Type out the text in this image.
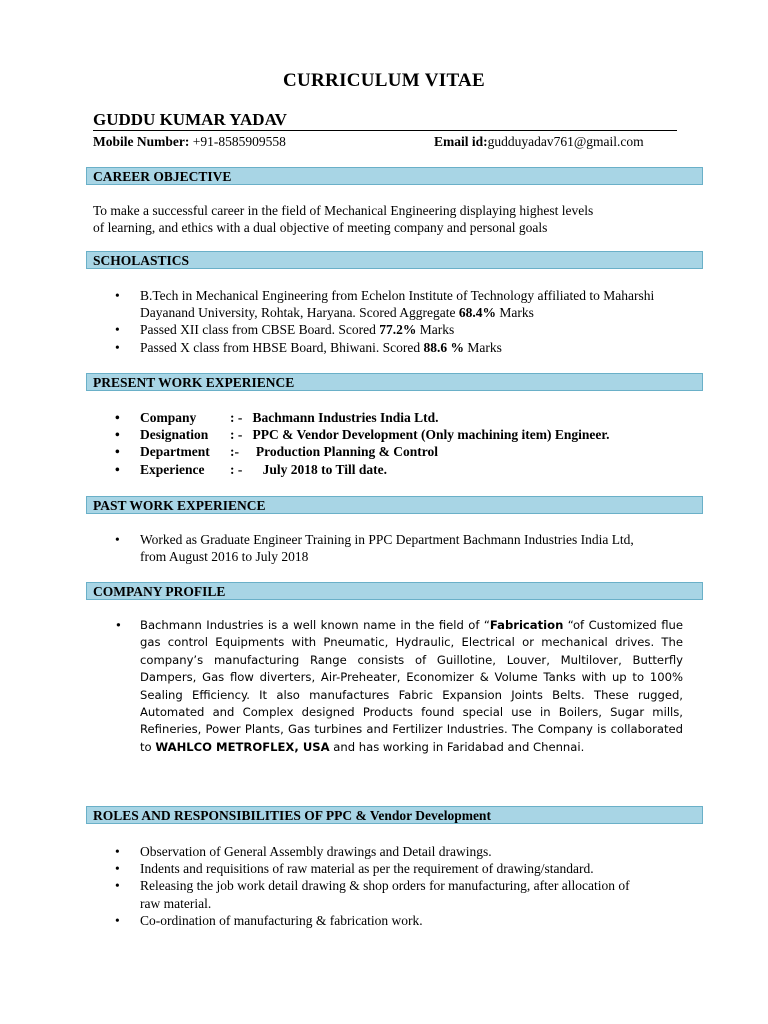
CURRICULUM VITAE
GUDDU KUMAR YADAV
Mobile Number: +91-8585909558	Email id:gudduyadav761@gmail.com
CAREER OBJECTIVE
To make a successful career in the field of Mechanical Engineering displaying highest levels
of learning, and ethics with a dual objective of meeting company and personal goals
SCHOLASTICS
• B.Tech in Mechanical Engineering from Echelon Institute of Technology affiliated to Maharshi Dayanand University, Rohtak, Haryana. Scored Aggregate 68.4% Marks
• Passed XII class from CBSE Board. Scored 77.2% Marks
• Passed X class from HBSE Board, Bhiwani. Scored 88.6 % Marks
PRESENT WORK EXPERIENCE
• Company : -   Bachmann Industries India Ltd.
• Designation : -   PPC & Vendor Development (Only machining item) Engineer.
• Department :-     Production Planning & Control
• Experience : -      July 2018 to Till date.
PAST WORK EXPERIENCE
• Worked as Graduate Engineer Training in PPC Department Bachmann Industries India Ltd, from August 2016 to July 2018
COMPANY PROFILE
• Bachmann Industries is a well known name in the field of “Fabrication “of Customized flue gas control Equipments with Pneumatic, Hydraulic, Electrical or mechanical drives. The company’s manufacturing Range consists of Guillotine, Louver, Multilover, Butterfly Dampers, Gas flow diverters, Air-Preheater, Economizer & Volume Tanks with up to 100% Sealing Efficiency. It also manufactures Fabric Expansion Joints Belts. These rugged, Automated and Complex designed Products found special use in Boilers, Sugar mills, Refineries, Power Plants, Gas turbines and Fertilizer Industries. The Company is collaborated to WAHLCO METROFLEX, USA and has working in Faridabad and Chennai.
ROLES AND RESPONSIBILITIES OF PPC & Vendor Development
• Observation of General Assembly drawings and Detail drawings.
• Indents and requisitions of raw material as per the requirement of drawing/standard.
• Releasing the job work detail drawing & shop orders for manufacturing, after allocation of raw material.
• Co-ordination of manufacturing & fabrication work.
